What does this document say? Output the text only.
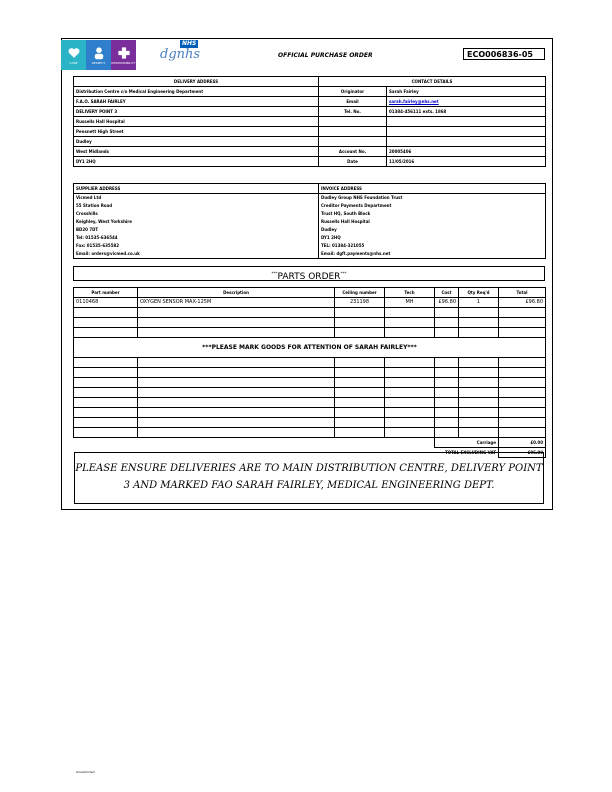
CARE	RESPECT RESPONSIBILITY
NHS
dgnhs	OFFICIAL PURCHASE ORDER	ECO006836-05
DELIVERY ADDRESS	CONTACT DETAILS	
Distribution Centre c/o Medical Engineering Department	Originator	Sarah Fairley
F.A.O. SARAH FAIRLEY	Email	sarah.fairley@nhs.net
DELIVERY POINT 3	Tel. No.	01384-456111 exts. 1868
Russells Hall Hospital		
Pensnett High Street		
Dudley		
West Midlands	Account No.	20005406
DY1 2HQ	Date	11/05/2016
SUPPLIER ADDRESS	INVOICE ADDRESS
Vicmed Ltd	Dudley Group NHS Foundation Trust
55 Station Road	Creditor Payments Department
Crosshills	Trust HQ, South Block
Keighley, West Yorkshire	Russells Hall Hospital
BD20 7DT	Dudley
Tel: 01535-636544	DY1 2HQ
Fax: 01535-635582	TEL: 01384-321055
Email: orders@vicmed.co.uk	Email: dgft.payments@nhs.net
***PARTS ORDER***
Part number	Description	Ceiling number	Tech	Cost	Qty Req'd	Total
0110468	OXYGEN SENSOR MAX-125M	231198	MH	£96.80	1	£96.80

***PLEASE MARK GOODS FOR ATTENTION OF SARAH FAIRLEY***						

				Carriage		£0.00
		TOTAL EXCLUDING VAT				£96.80
PLEASE ENSURE DELIVERIES ARE TO MAIN DISTRIBUTION CENTRE, DELIVERY POINT 3 AND MARKED FAO SARAH FAIRLEY, MEDICAL ENGINEERING DEPT.
Unrestricted
